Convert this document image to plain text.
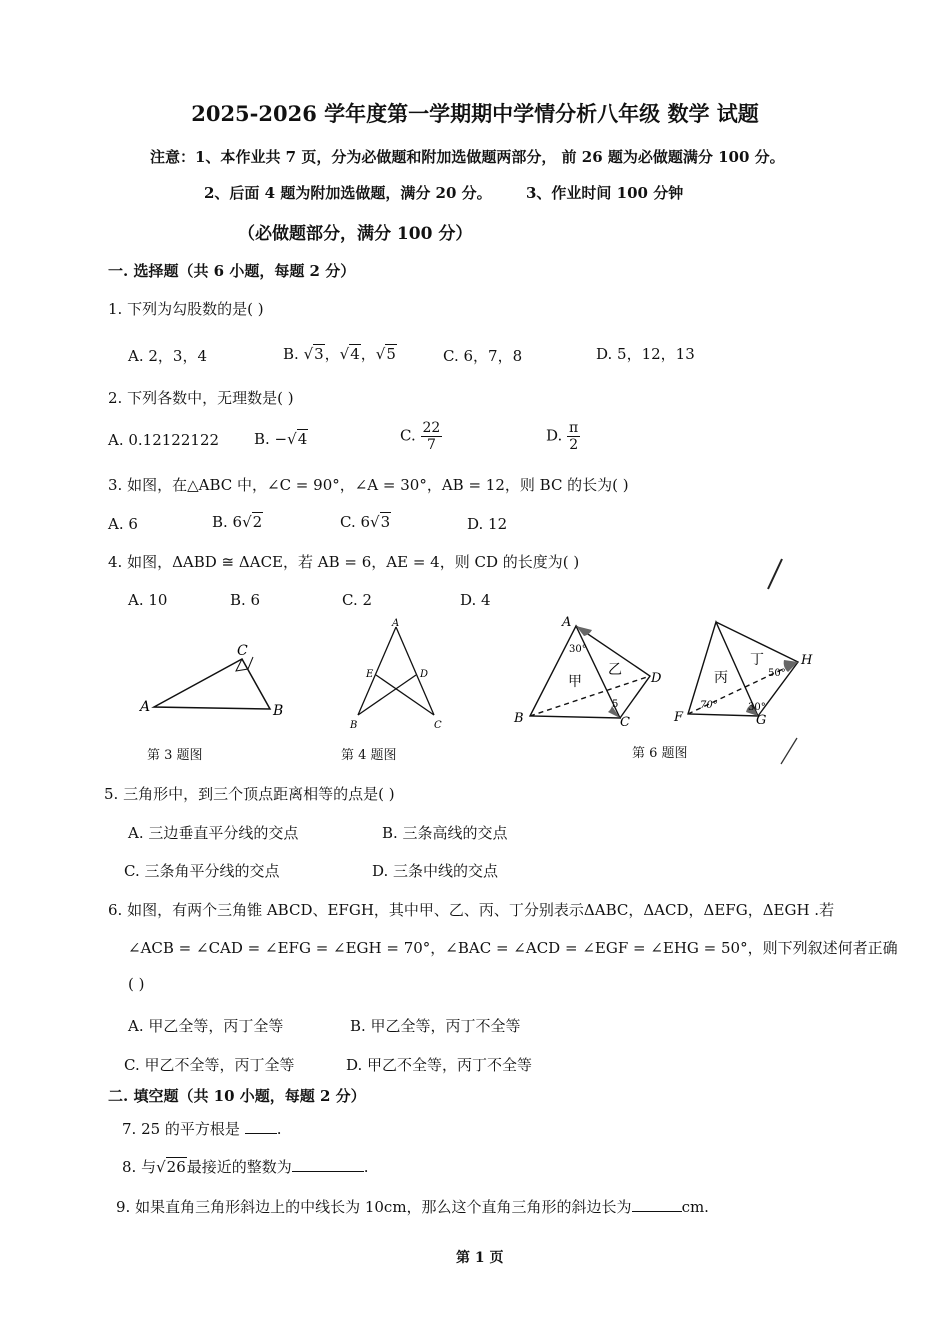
2025-2026 学年度第一学期期中学情分析八年级 数学 试题
注意：1、本作业共 7 页，分为必做题和附加选做题两部分， 前 26 题为必做题满分 100 分。
2、后面 4 题为附加选做题，满分 20 分。 3、作业时间 100 分钟
（必做题部分，满分 100 分）
一. 选择题（共 6 小题，每题 2 分）
1. 下列为勾股数的是( )
A. 2，3，4	B. √3，√4，√5	C. 6，7，8	D. 5，12，13
2. 下列各数中，无理数是( )
A. 0.12122122 B. −√4	C. $\frac{22}{7}$	D. $\frac{\pi}{2}$
3. 如图，在△ABC 中，∠C = 90°，∠A = 30°，AB = 12，则 BC 的长为( )
A. 6	B. 6√2	C. 6√3	D. 12
4. 如图，ΔABD ≅ ΔACE，若 AB = 6，AE = 4，则 CD 的长度为( )
A. 10	B. 6	C. 2	D. 4
A	B
C
第 3 题图
A
B	C
D
E
第 4 题图
A
B	C
D
30°
甲
乙
5
F	G
H
丙
丁
50°
30°
70°
第 6 题图
5. 三角形中，到三个顶点距离相等的点是( )
A. 三边垂直平分线的交点	B. 三条高线的交点
C. 三条角平分线的交点	D. 三条中线的交点
6. 如图，有两个三角锥 ABCD、EFGH，其中甲、乙、丙、丁分别表示ΔABC，ΔACD，ΔEFG，ΔEGH .若
∠ACB = ∠CAD = ∠EFG = ∠EGH = 70°，∠BAC = ∠ACD = ∠EGF = ∠EHG = 50°，则下列叙述何者正确
( )
A. 甲乙全等，丙丁全等	B. 甲乙全等，丙丁不全等
C. 甲乙不全等，丙丁全等	D. 甲乙不全等，丙丁不全等
二. 填空题（共 10 小题，每题 2 分）
7. 25 的平方根是 .
8. 与√26最接近的整数为	.
9. 如果直角三角形斜边上的中线长为 10cm，那么这个直角三角形的斜边长为	cm.
第 1 页
